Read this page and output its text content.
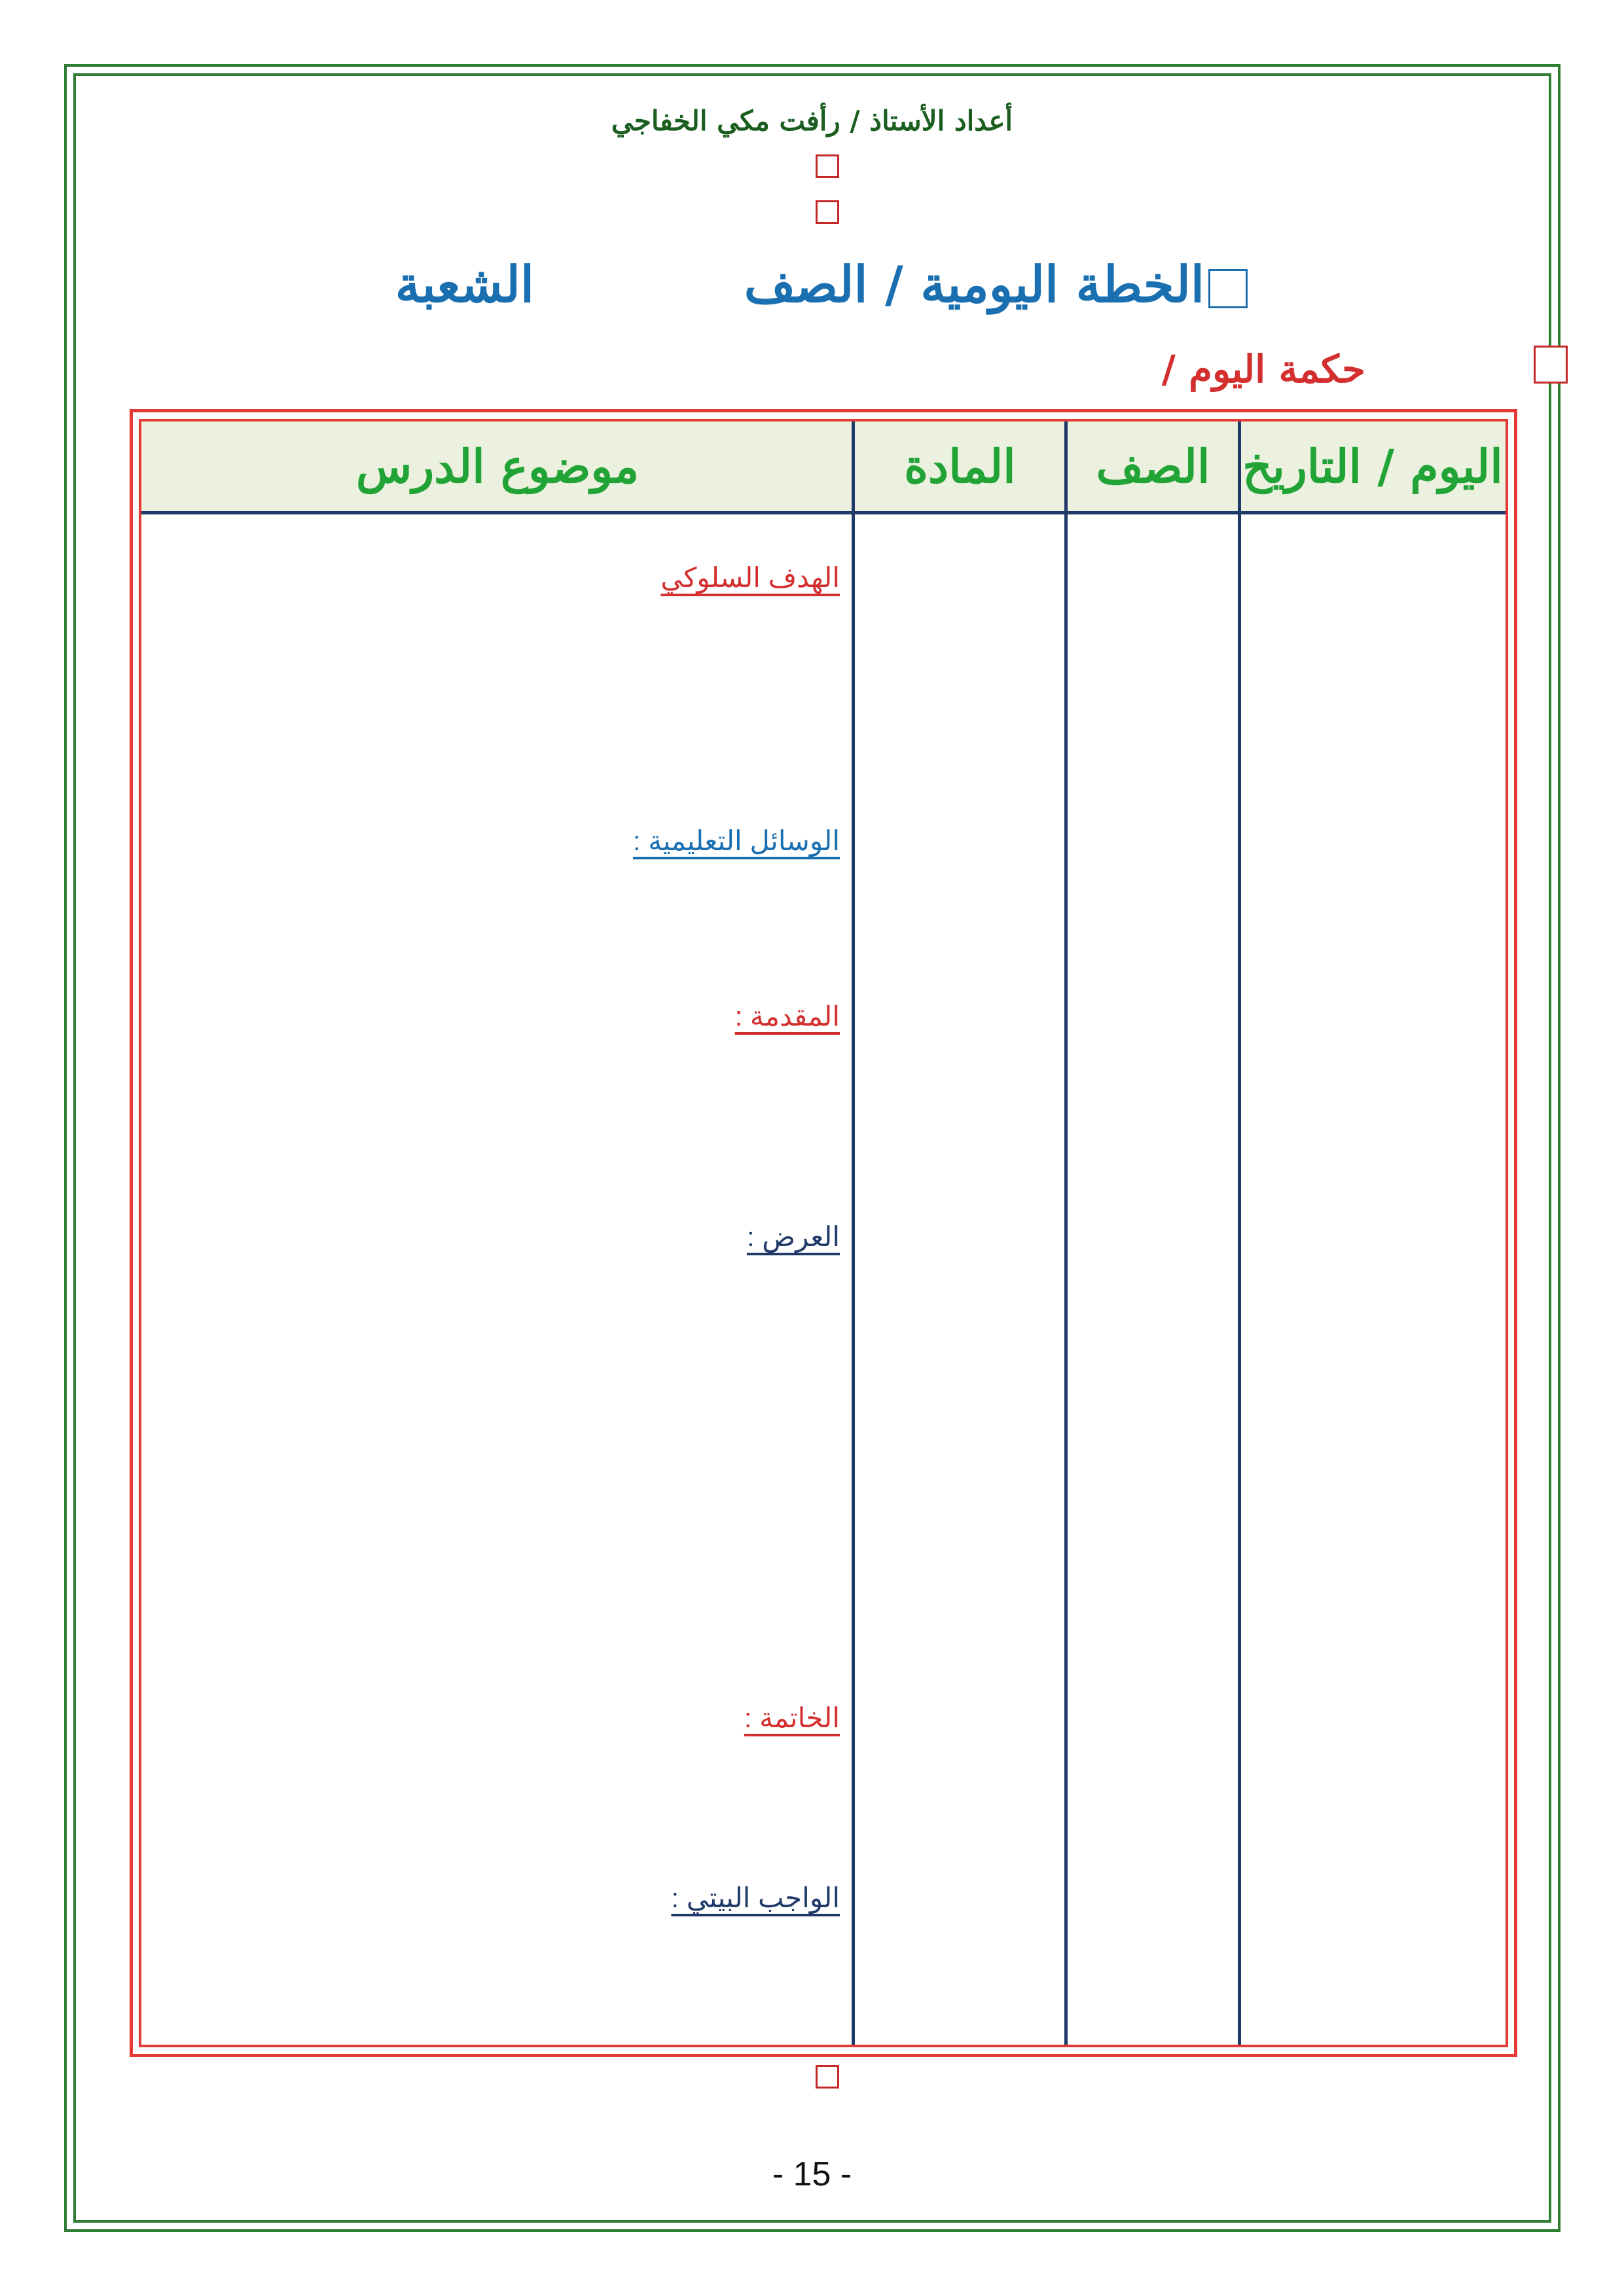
أعداد الأستاذ / رأفت مكي الخفاجي
الخطة اليومية / الصف
الشعبة
حكمة اليوم /
اليوم / التاريخ
الصف
المادة
موضوع الدرس
الهدف السلوكي
الوسائل التعليمية :
المقدمة :
العرض :
الخاتمة :
الواجب البيتي :
- 15 -
